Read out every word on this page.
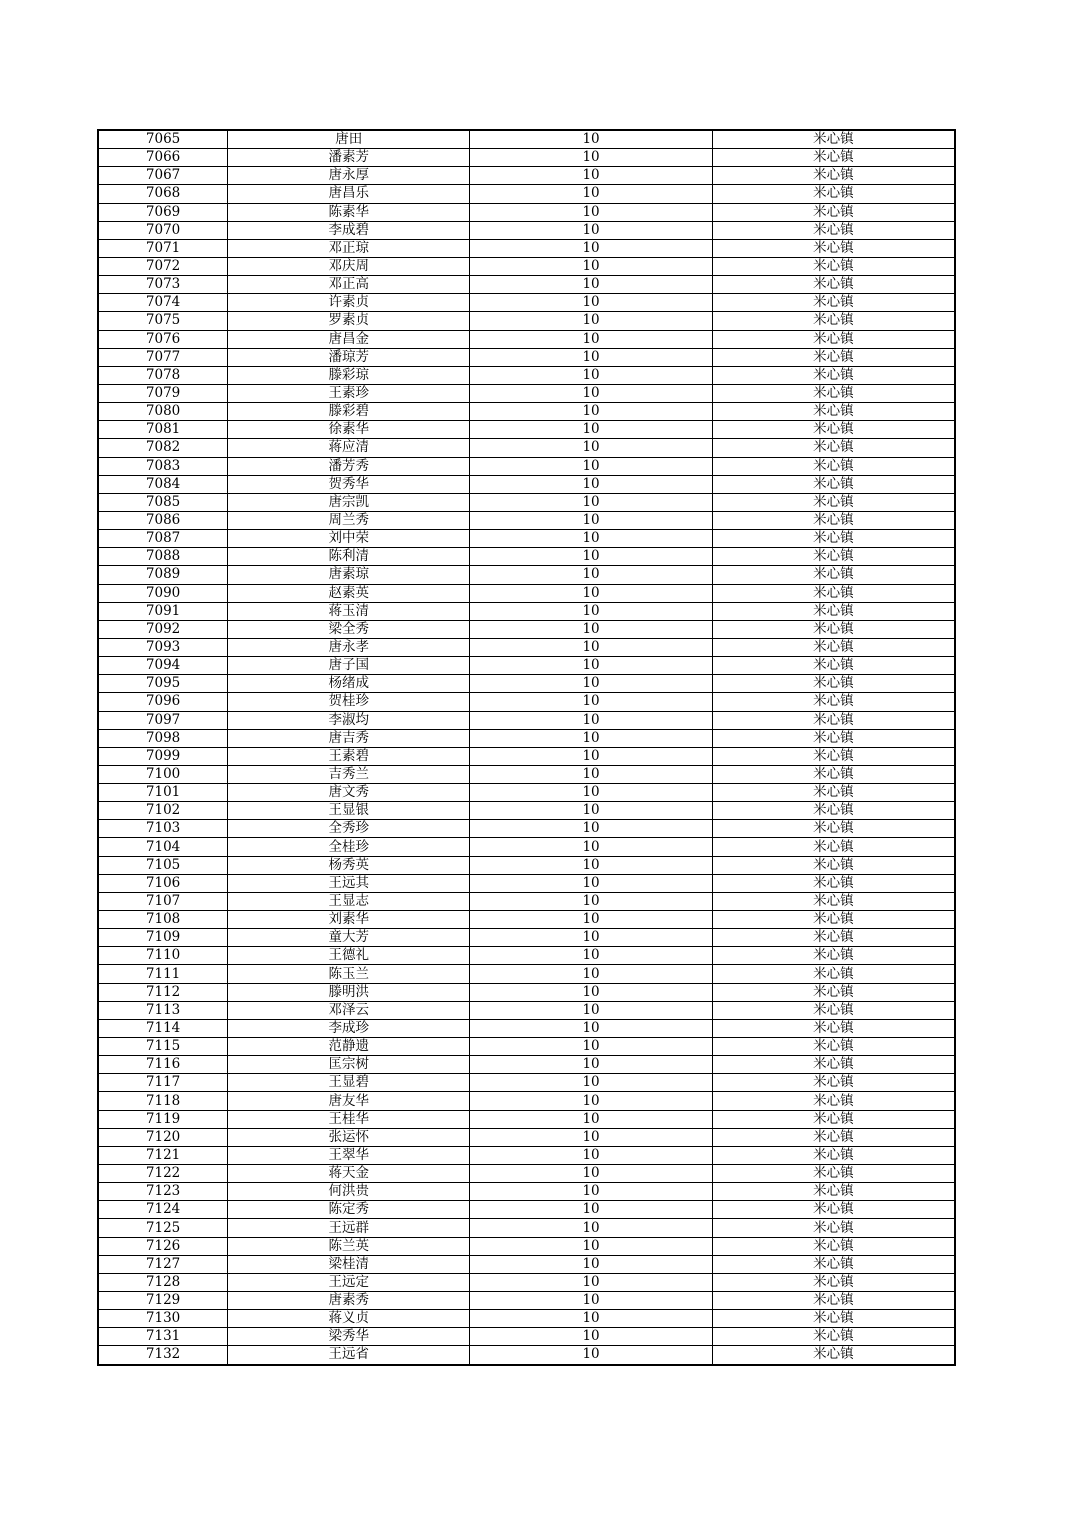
7065	唐田	10	米心镇
7066	潘素芳	10	米心镇
7067	唐永厚	10	米心镇
7068	唐昌乐	10	米心镇
7069	陈素华	10	米心镇
7070	李成碧	10	米心镇
7071	邓正琼	10	米心镇
7072	邓庆周	10	米心镇
7073	邓正高	10	米心镇
7074	许素贞	10	米心镇
7075	罗素贞	10	米心镇
7076	唐昌金	10	米心镇
7077	潘琼芳	10	米心镇
7078	滕彩琼	10	米心镇
7079	王素珍	10	米心镇
7080	滕彩碧	10	米心镇
7081	徐素华	10	米心镇
7082	蒋应清	10	米心镇
7083	潘芳秀	10	米心镇
7084	贺秀华	10	米心镇
7085	唐宗凯	10	米心镇
7086	周兰秀	10	米心镇
7087	刘中荣	10	米心镇
7088	陈利清	10	米心镇
7089	唐素琼	10	米心镇
7090	赵素英	10	米心镇
7091	蒋玉清	10	米心镇
7092	梁全秀	10	米心镇
7093	唐永孝	10	米心镇
7094	唐子国	10	米心镇
7095	杨绪成	10	米心镇
7096	贺桂珍	10	米心镇
7097	李淑均	10	米心镇
7098	唐吉秀	10	米心镇
7099	王素碧	10	米心镇
7100	吉秀兰	10	米心镇
7101	唐文秀	10	米心镇
7102	王显银	10	米心镇
7103	全秀珍	10	米心镇
7104	全桂珍	10	米心镇
7105	杨秀英	10	米心镇
7106	王远其	10	米心镇
7107	王显志	10	米心镇
7108	刘素华	10	米心镇
7109	童大芳	10	米心镇
7110	王德礼	10	米心镇
7111	陈玉兰	10	米心镇
7112	滕明洪	10	米心镇
7113	邓泽云	10	米心镇
7114	李成珍	10	米心镇
7115	范静遗	10	米心镇
7116	匡宗树	10	米心镇
7117	王显碧	10	米心镇
7118	唐友华	10	米心镇
7119	王桂华	10	米心镇
7120	张运怀	10	米心镇
7121	王翠华	10	米心镇
7122	蒋天金	10	米心镇
7123	何洪贵	10	米心镇
7124	陈定秀	10	米心镇
7125	王远群	10	米心镇
7126	陈兰英	10	米心镇
7127	梁桂清	10	米心镇
7128	王远定	10	米心镇
7129	唐素秀	10	米心镇
7130	蒋义贞	10	米心镇
7131	梁秀华	10	米心镇
7132	王远省	10	米心镇
